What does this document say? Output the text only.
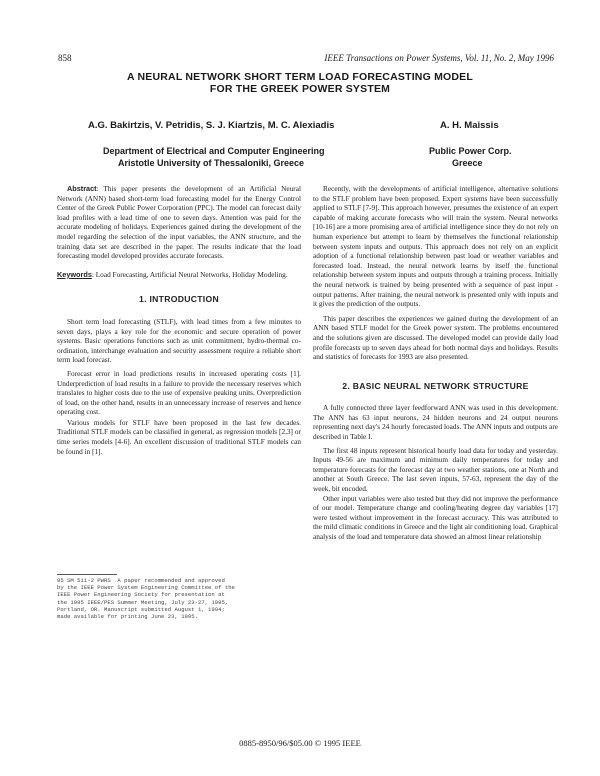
858	IEEE Transactions on Power Systems, Vol. 11, No. 2, May 1996
A NEURAL NETWORK SHORT TERM LOAD FORECASTING MODEL
FOR THE GREEK POWER SYSTEM
A.G. Bakirtzis, V. Petridis, S. J. Kiartzis, M. C. Alexiadis	A. H. Maissis
Department of Electrical and Computer Engineering
Aristotle University of Thessaloniki, Greece
Public Power Corp.
Greece

Abstract: This paper presents the development of an Artificial Neural Network (ANN) based short-term load forecasting model for the Energy Control Center of the Greek Public Power Corporation (PPC). The model can forecast daily load profiles with a lead time of one to seven days. Attention was paid for the accurate modeling of holidays. Experiences gained during the development of the model regarding the selection of the input variables, the ANN structure, and the training data set are described in the paper. The results indicate that the load forecasting model developed provides accurate forecasts.

Keywords: Load Forecasting, Artificial Neural Networks, Holiday Modeling.

1. INTRODUCTION

Short term load forecasting (STLF), with lead times from a few minutes to seven days, plays a key role for the economic and secure operation of power systems. Basic operations functions such as unit commitment, hydro-thermal co-ordination, interchange evaluation and security assessment require a reliable short term load forecast.

Forecast error in load predictions results in increased operating costs [1]. Underprediction of load results in a failure to provide the necessary reserves which translates to higher costs due to the use of expensive peaking units. Overprediction of load, on the other hand, results in an unnecessary increase of reserves and hence operating cost.

Various models for STLF have been proposed in the last few decades. Traditional STLF models can be classified in general, as regression models [2,3] or time series models [4-6]. An excellent discussion of traditional STLF models can be found in [1].

95 SM 511-2 PWRS  A paper recommended and approved
by the IEEE Power System Engineering Committee of the
IEEE Power Engineering Society for presentation at
the 1995 IEEE/PES Summer Meeting, July 23-27, 1995,
Portland, OR. Manuscript submitted August 1, 1994;
made available for printing June 23, 1995.

Recently, with the developments of artificial intelligence, alternative solutions to the STLF problem have been proposed. Expert systems have been successfully applied to STLF [7-9]. This approach however, presumes the existence of an expert capable of making accurate forecasts who will train the system. Neural networks [10-16] are a more promising area of artificial intelligence since they do not rely on human experience but attempt to learn by themselves the functional relationship between system inputs and outputs. This approach does not rely on an explicit adoption of a functional relationship between past load or weather variables and forecasted load. Instead, the neural network learns by itself the functional relationship between system inputs and outputs through a training process. Initially the neural network is trained by being presented with a sequence of past input - output patterns. After training, the neural network is presented only with inputs and it gives the prediction of the outputs.

This paper describes the experiences we gained during the development of an ANN based STLF model for the Greek power system. The problems encountered and the solutions given are discussed. The developed model can provide daily load profile forecasts up to seven days ahead for both normal days and holidays. Results and statistics of forecasts for 1993 are also presented.

2. BASIC NEURAL NETWORK STRUCTURE

A fully connected three layer feedforward ANN was used in this development. The ANN has 63 input neurons, 24 hidden neurons and 24 output neurons representing next day's 24 hourly forecasted loads. The ANN inputs and outputs are described in Table I.

The first 48 inputs represent historical hourly load data for today and yesterday. Inputs 49-56 are maximum and minimum daily temperatures for today and temperature forecasts for the forecast day at two weather stations, one at North and another at South Greece. The last seven inputs, 57-63, represent the day of the week, bit encoded.

Other input variables were also tested but they did not improve the performance of our model. Temperature change and cooling/heating degree day variables [17] were tested without improvement in the forecast accuracy. This was attributed to the mild climatic conditions in Greece and the light air conditioning load. Graphical analysis of the load and temperature data showed an almost linear relationship

0885-8950/96/$05.00 © 1995 IEEE
